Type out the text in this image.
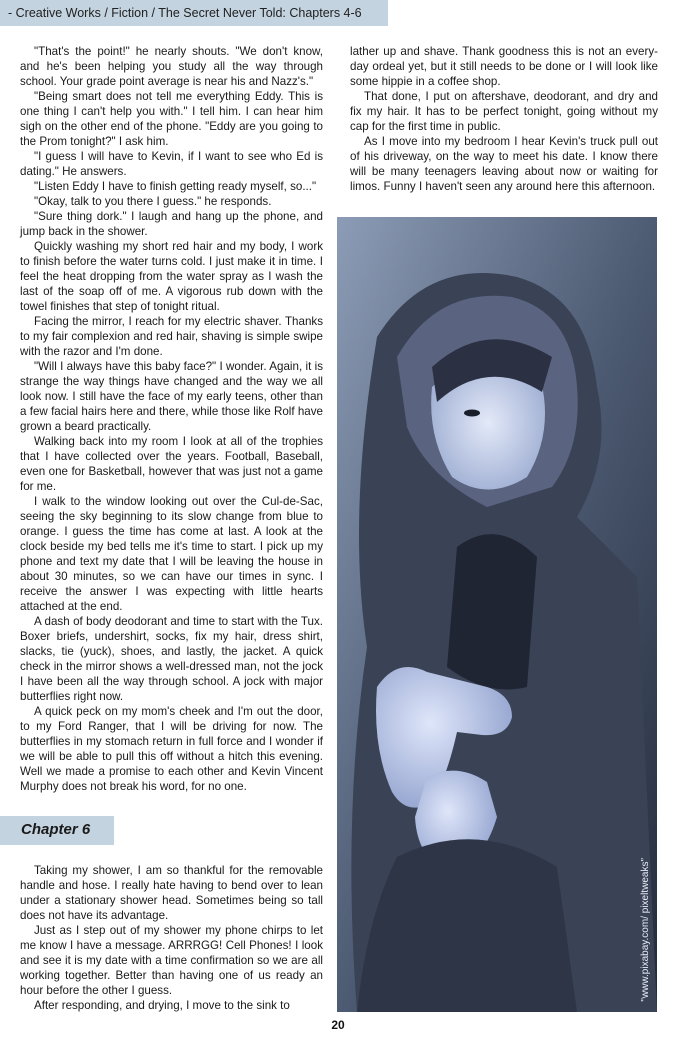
- Creative Works / Fiction / The Secret Never Told: Chapters 4-6

"That's the point!" he nearly shouts. "We don't know, and he's been helping you study all the way through school. Your grade point average is near his and Nazz's."

"Being smart does not tell me everything Eddy. This is one thing I can't help you with." I tell him. I can hear him sigh on the other end of the phone. "Eddy are you going to the Prom tonight?" I ask him.

"I guess I will have to Kevin, if I want to see who Ed is dating." He answers.

"Listen Eddy I have to finish getting ready myself, so..."

"Okay, talk to you there I guess." he responds.

"Sure thing dork." I laugh and hang up the phone, and jump back in the shower.

Quickly washing my short red hair and my body, I work to finish before the water turns cold. I just make it in time. I feel the heat dropping from the water spray as I wash the last of the soap off of me. A vigorous rub down with the towel finishes that step of tonight ritual.

Facing the mirror, I reach for my electric shaver. Thanks to my fair complexion and red hair, shaving is simple swipe with the razor and I'm done.

"Will I always have this baby face?" I wonder. Again, it is strange the way things have changed and the way we all look now. I still have the face of my early teens, other than a few facial hairs here and there, while those like Rolf have grown a beard practically.

Walking back into my room I look at all of the trophies that I have collected over the years. Football, Baseball, even one for Basketball, however that was just not a game for me.

I walk to the window looking out over the Cul-de-Sac, seeing the sky beginning to its slow change from blue to orange. I guess the time has come at last. A look at the clock beside my bed tells me it's time to start. I pick up my phone and text my date that I will be leaving the house in about 30 minutes, so we can have our times in sync. I receive the answer I was expecting with little hearts attached at the end.

A dash of body deodorant and time to start with the Tux. Boxer briefs, undershirt, socks, fix my hair, dress shirt, slacks, tie (yuck), shoes, and lastly, the jacket. A quick check in the mirror shows a well-dressed man, not the jock I have been all the way through school. A jock with major butterflies right now.

A quick peck on my mom's cheek and I'm out the door, to my Ford Ranger, that I will be driving for now. The butterflies in my stomach return in full force and I wonder if we will be able to pull this off without a hitch this evening. Well we made a promise to each other and Kevin Vincent Murphy does not break his word, for no one.

Chapter 6

Taking my shower, I am so thankful for the removable handle and hose. I really hate having to bend over to lean under a stationary shower head. Sometimes being so tall does not have its advantage.

Just as I step out of my shower my phone chirps to let me know I have a message. ARRRGG! Cell Phones! I look and see it is my date with a time confirmation so we are all working together. Better than having one of us ready an hour before the other I guess.

After responding, and drying, I move to the sink to

lather up and shave. Thank goodness this is not an every-day ordeal yet, but it still needs to be done or I will look like some hippie in a coffee shop.

That done, I put on aftershave, deodorant, and dry and fix my hair. It has to be perfect tonight, going without my cap for the first time in public.

As I move into my bedroom I hear Kevin's truck pull out of his driveway, on the way to meet his date. I know there will be many teenagers leaving about now or waiting for limos. Funny I haven't seen any around here this afternoon.

"www.pixabay.com/ pixeltweaks"
20
